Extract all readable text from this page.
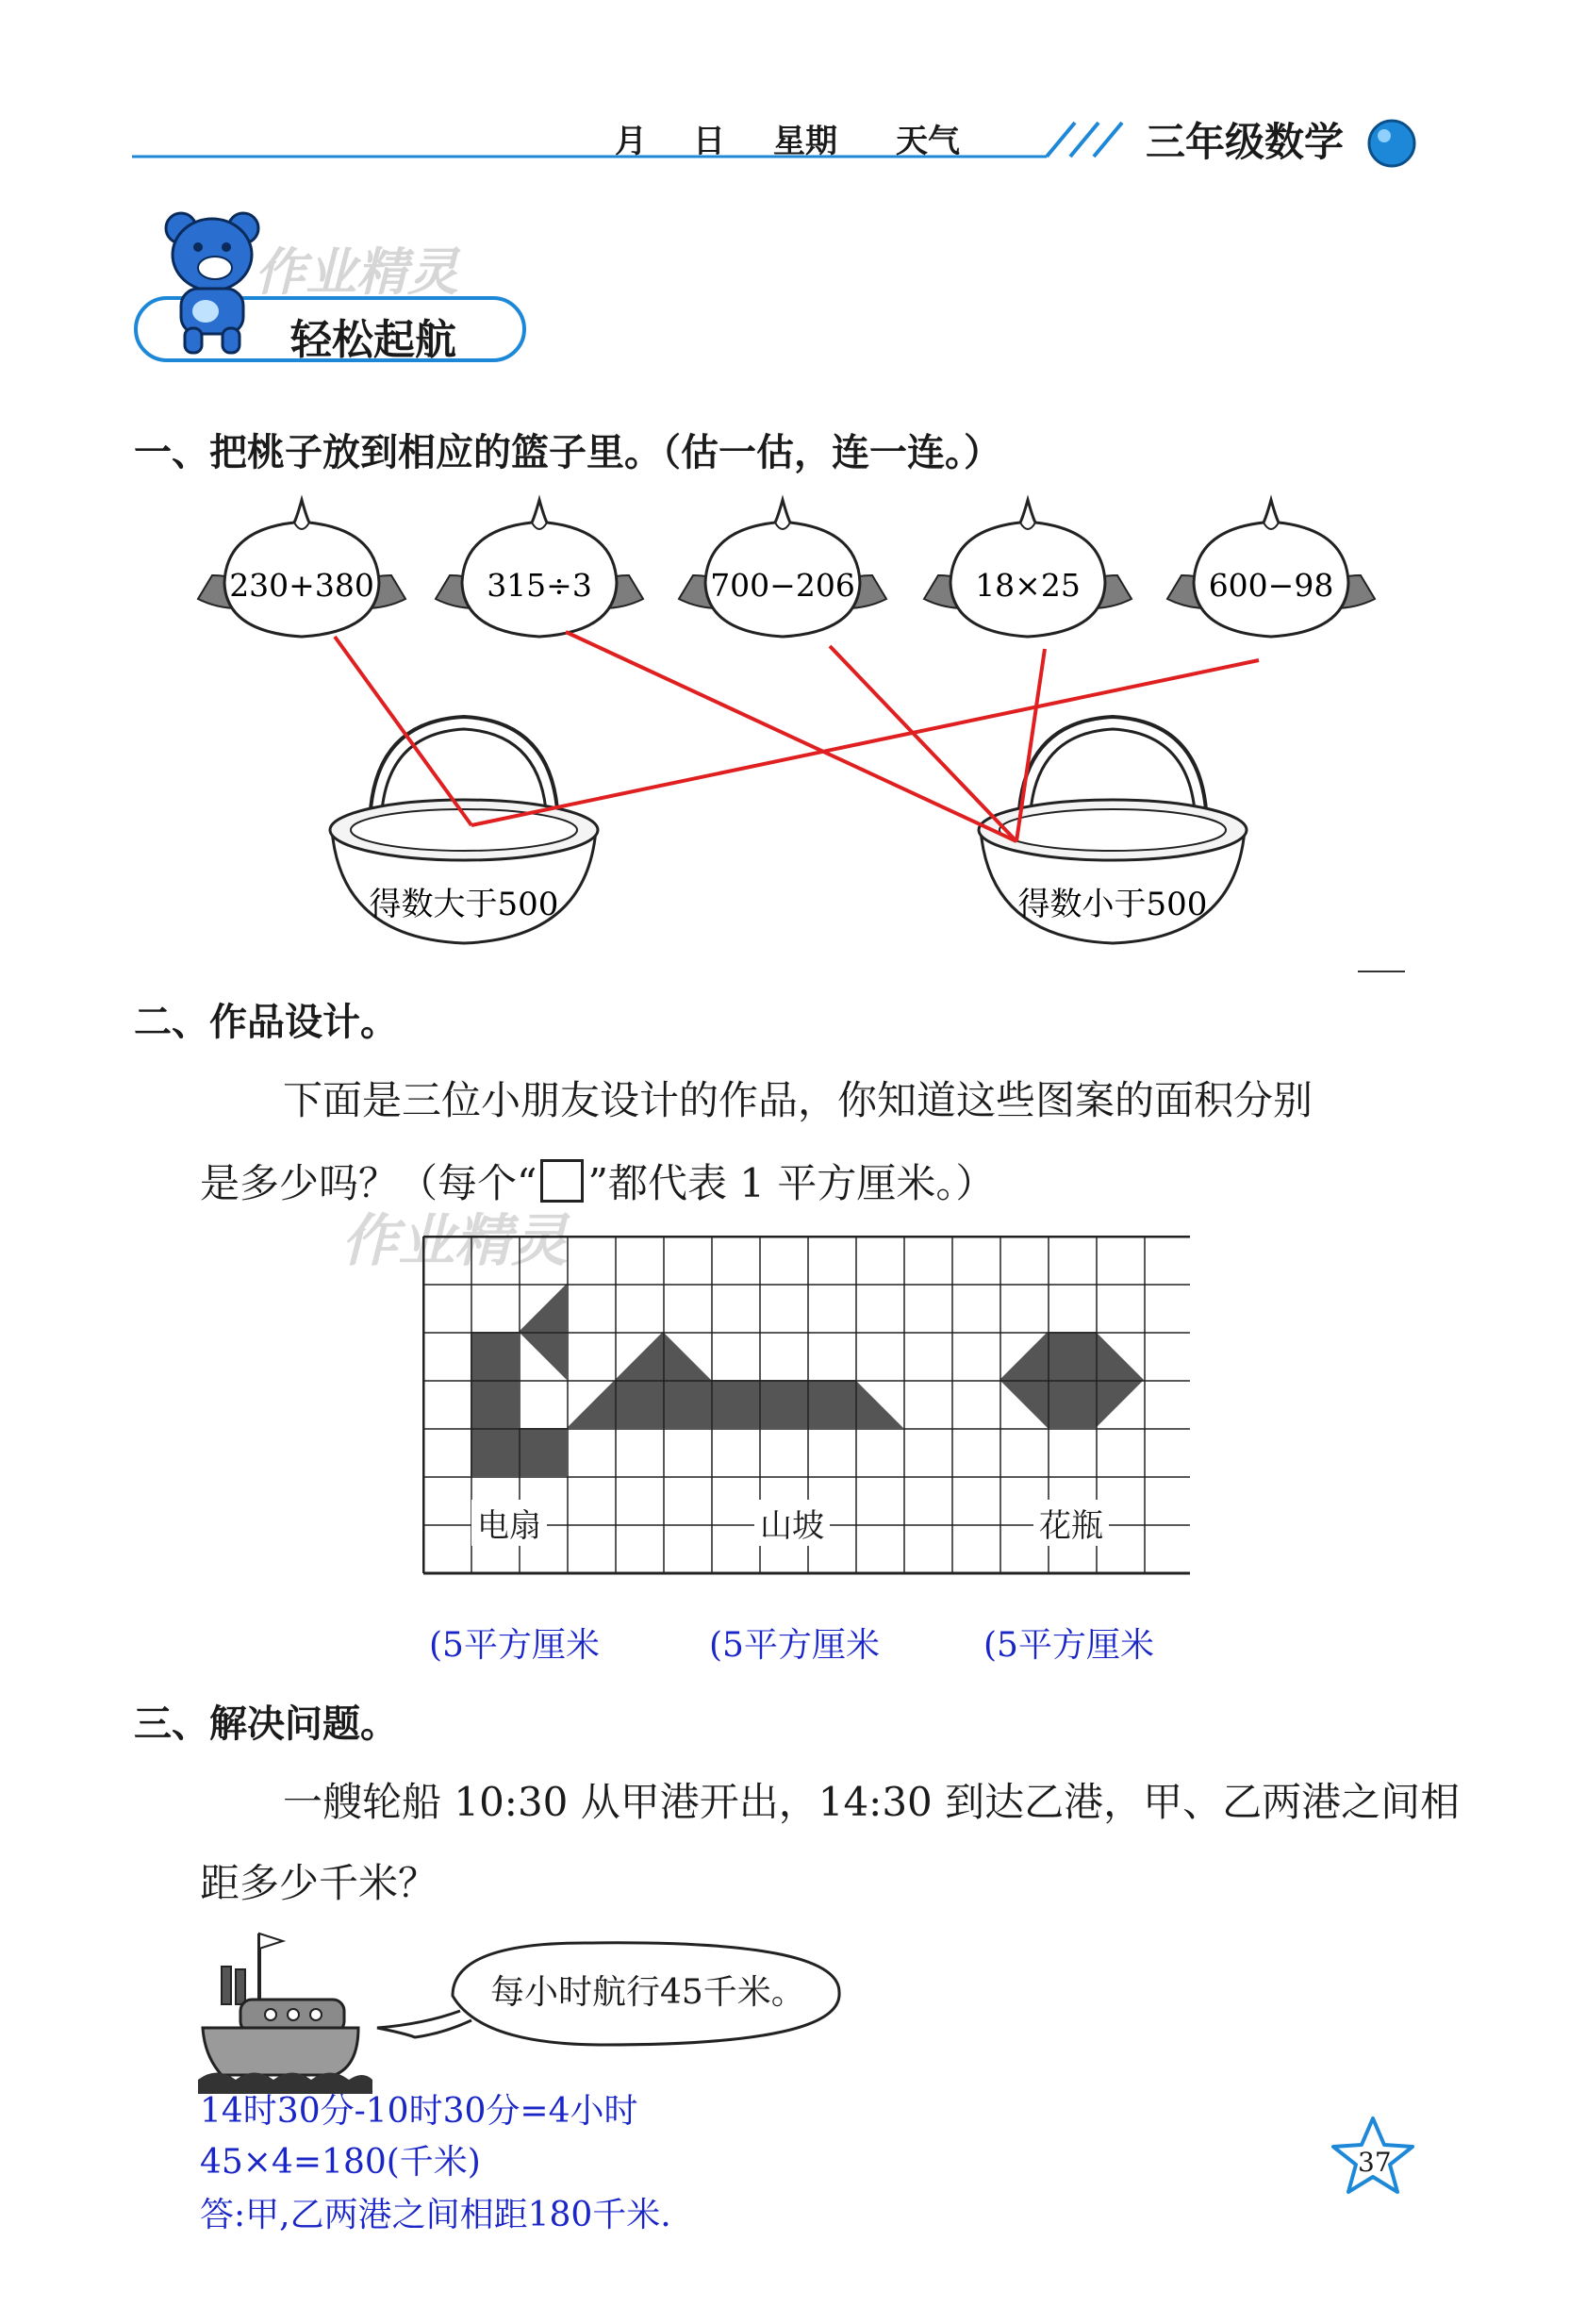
月 日 星期 天气	三年级数学
作业精灵
轻松起航
一、把桃子放到相应的篮子里。（估一估，连一连。）
230+380	315÷3	700−206	18×25	600−98
得数大于500	得数小于500
二、作品设计。
下面是三位小朋友设计的作品，你知道这些图案的面积分别
是多少吗？（每个“ ”都代表 1 平方厘米。）
作业精灵
电扇	山坡	花瓶
(5平方厘米	(5平方厘米	(5平方厘米
三、解决问题。
一艘轮船 10:30 从甲港开出，14:30 到达乙港，甲、乙两港之间相
距多少千米？
每小时航行45千米。
14时30分-10时30分=4小时
45×4=180(千米)
答:甲,乙两港之间相距180千米.
37
